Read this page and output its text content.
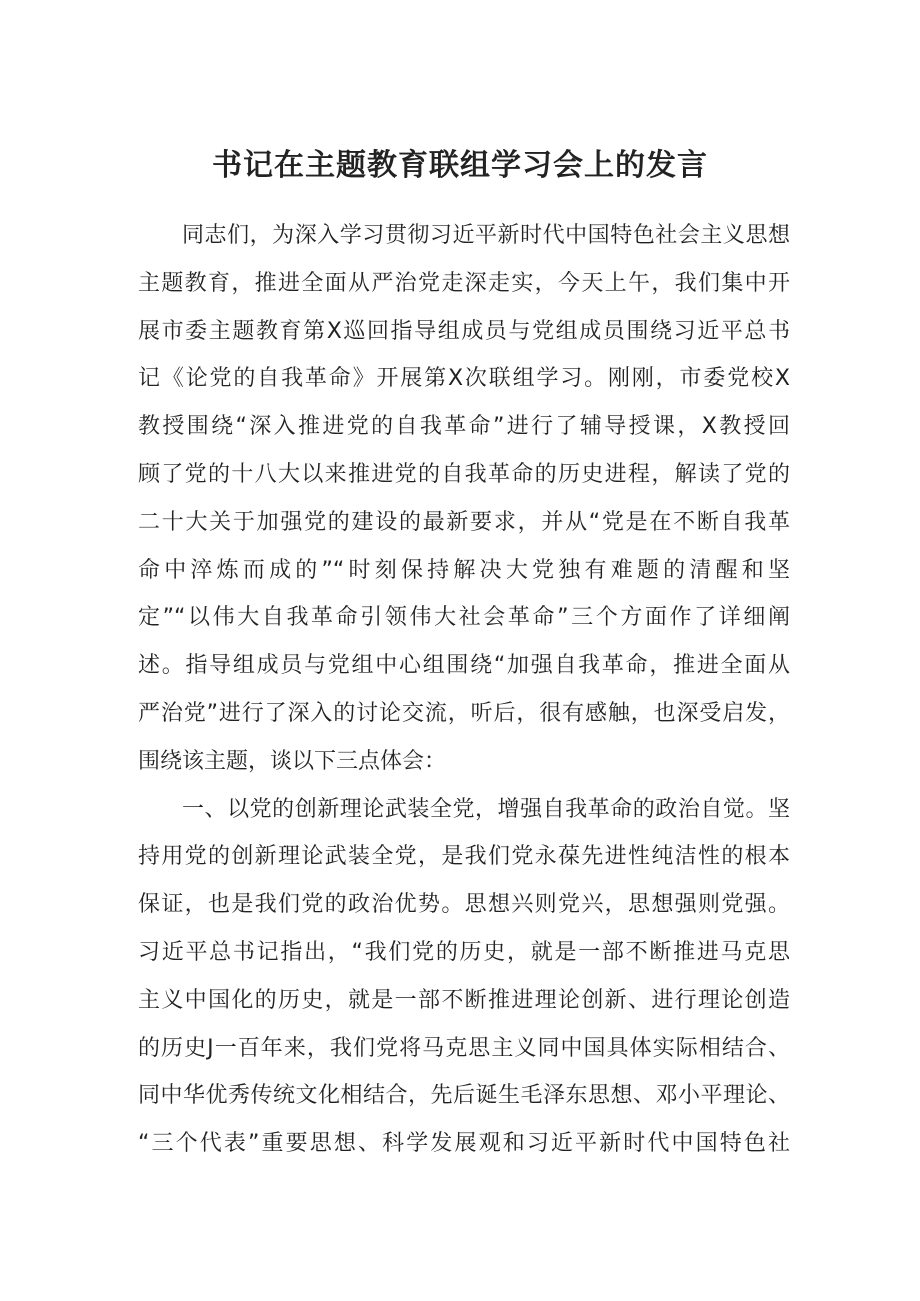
书记在主题教育联组学习会上的发言
同志们，为深入学习贯彻习近平新时代中国特色社会主义思想
主题教育，推进全面从严治党走深走实，今天上午，我们集中开
展市委主题教育第X巡回指导组成员与党组成员围绕习近平总书
记《论党的自我革命》开展第X次联组学习。刚刚，市委党校X
教授围绕“深入推进党的自我革命”进行了辅导授课，X教授回
顾了党的十八大以来推进党的自我革命的历史进程，解读了党的
二十大关于加强党的建设的最新要求，并从“党是在不断自我革
命中淬炼而成的”“时刻保持解决大党独有难题的清醒和坚
定”“以伟大自我革命引领伟大社会革命”三个方面作了详细阐
述。指导组成员与党组中心组围绕“加强自我革命，推进全面从
严治党”进行了深入的讨论交流，听后，很有感触，也深受启发，
围绕该主题，谈以下三点体会：
一、以党的创新理论武装全党，增强自我革命的政治自觉。坚
持用党的创新理论武装全党，是我们党永葆先进性纯洁性的根本
保证，也是我们党的政治优势。思想兴则党兴，思想强则党强。
习近平总书记指出，“我们党的历史，就是一部不断推进马克思
主义中国化的历史，就是一部不断推进理论创新、进行理论创造
的历史J一百年来，我们党将马克思主义同中国具体实际相结合、
同中华优秀传统文化相结合，先后诞生毛泽东思想、邓小平理论、
“三个代表”重要思想、科学发展观和习近平新时代中国特色社
